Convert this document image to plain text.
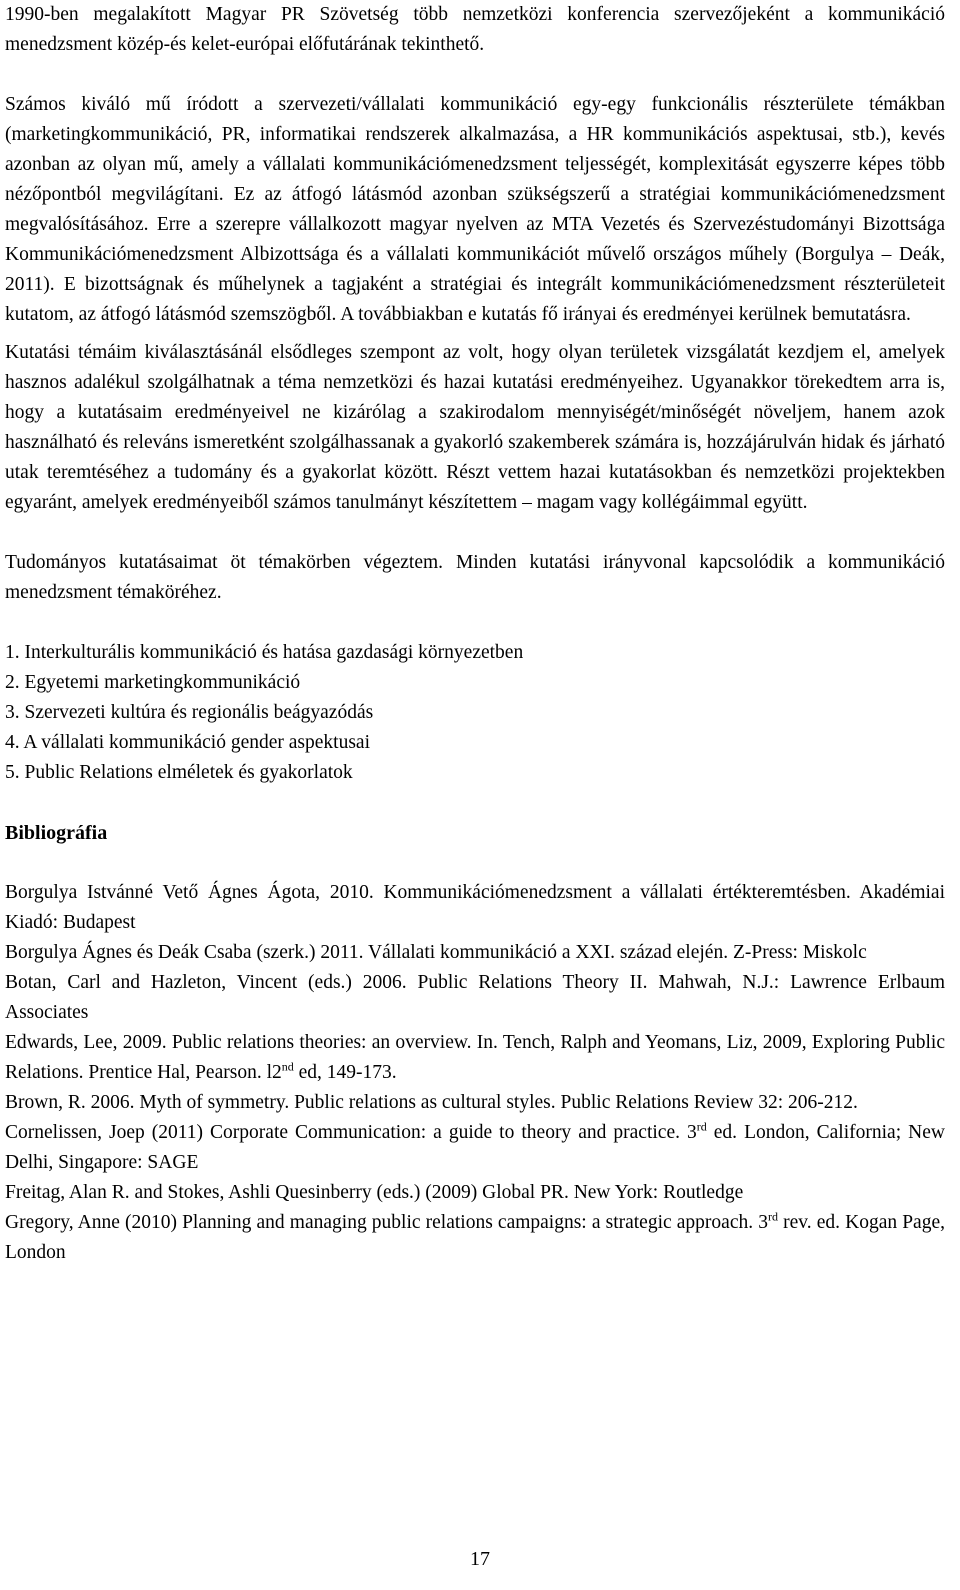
1990-ben megalakított Magyar PR Szövetség több nemzetközi konferencia szervezőjeként a kommunikáció menedzsment közép-és kelet-európai előfutárának tekinthető.

Számos kiváló mű íródott a szervezeti/vállalati kommunikáció egy-egy funkcionális részterülete témákban (marketingkommunikáció, PR, informatikai rendszerek alkalmazása, a HR kommunikációs aspektusai, stb.), kevés azonban az olyan mű, amely a vállalati kommunikációmenedzsment teljességét, komplexitását egyszerre képes több nézőpontból megvilágítani. Ez az átfogó látásmód azonban szükségszerű a stratégiai kommunikációmenedzsment megvalósításához. Erre a szerepre vállalkozott magyar nyelven az MTA Vezetés és Szervezéstudományi Bizottsága Kommunikációmenedzsment Albizottsága és a vállalati kommunikációt művelő országos műhely (Borgulya – Deák, 2011). E bizottságnak és műhelynek a tagjaként a stratégiai és integrált kommunikációmenedzsment részterületeit kutatom, az átfogó látásmód szemszögből. A továbbiakban e kutatás fő irányai és eredményei kerülnek bemutatásra.

Kutatási témáim kiválasztásánál elsődleges szempont az volt, hogy olyan területek vizsgálatát kezdjem el, amelyek hasznos adalékul szolgálhatnak a téma nemzetközi és hazai kutatási eredményeihez. Ugyanakkor törekedtem arra is, hogy a kutatásaim eredményeivel ne kizárólag a szakirodalom mennyiségét/minőségét növeljem, hanem azok használható és releváns ismeretként szolgálhassanak a gyakorló szakemberek számára is, hozzájárulván hidak és járható utak teremtéséhez a tudomány és a gyakorlat között. Részt vettem hazai kutatásokban és nemzetközi projektekben egyaránt, amelyek eredményeiből számos tanulmányt készítettem – magam vagy kollégáimmal együtt.

Tudományos kutatásaimat öt témakörben végeztem. Minden kutatási irányvonal kapcsolódik a kommunikáció menedzsment témaköréhez.

1. Interkulturális kommunikáció és hatása gazdasági környezetben
2. Egyetemi marketingkommunikáció
3. Szervezeti kultúra és regionális beágyazódás
4. A vállalati kommunikáció gender aspektusai
5. Public Relations elméletek és gyakorlatok

Bibliográfia

Borgulya Istvánné Vető Ágnes Ágota, 2010. Kommunikációmenedzsment a vállalati értékteremtésben. Akadémiai Kiadó: Budapest

Borgulya Ágnes és Deák Csaba (szerk.) 2011. Vállalati kommunikáció a XXI. század elején. Z-Press: Miskolc

Botan, Carl and Hazleton, Vincent (eds.) 2006. Public Relations Theory II. Mahwah, N.J.: Lawrence Erlbaum Associates

Edwards, Lee, 2009. Public relations theories: an overview. In. Tench, Ralph and Yeomans, Liz, 2009, Exploring Public Relations. Prentice Hal, Pearson. l2nd ed, 149-173.

Brown, R. 2006. Myth of symmetry. Public relations as cultural styles. Public Relations Review 32: 206-212.

Cornelissen, Joep (2011) Corporate Communication: a guide to theory and practice. 3rd ed. London, California; New Delhi, Singapore: SAGE

Freitag, Alan R. and Stokes, Ashli Quesinberry (eds.) (2009) Global PR. New York: Routledge

Gregory, Anne (2010) Planning and managing public relations campaigns: a strategic approach. 3rd rev. ed. Kogan Page, London

17
